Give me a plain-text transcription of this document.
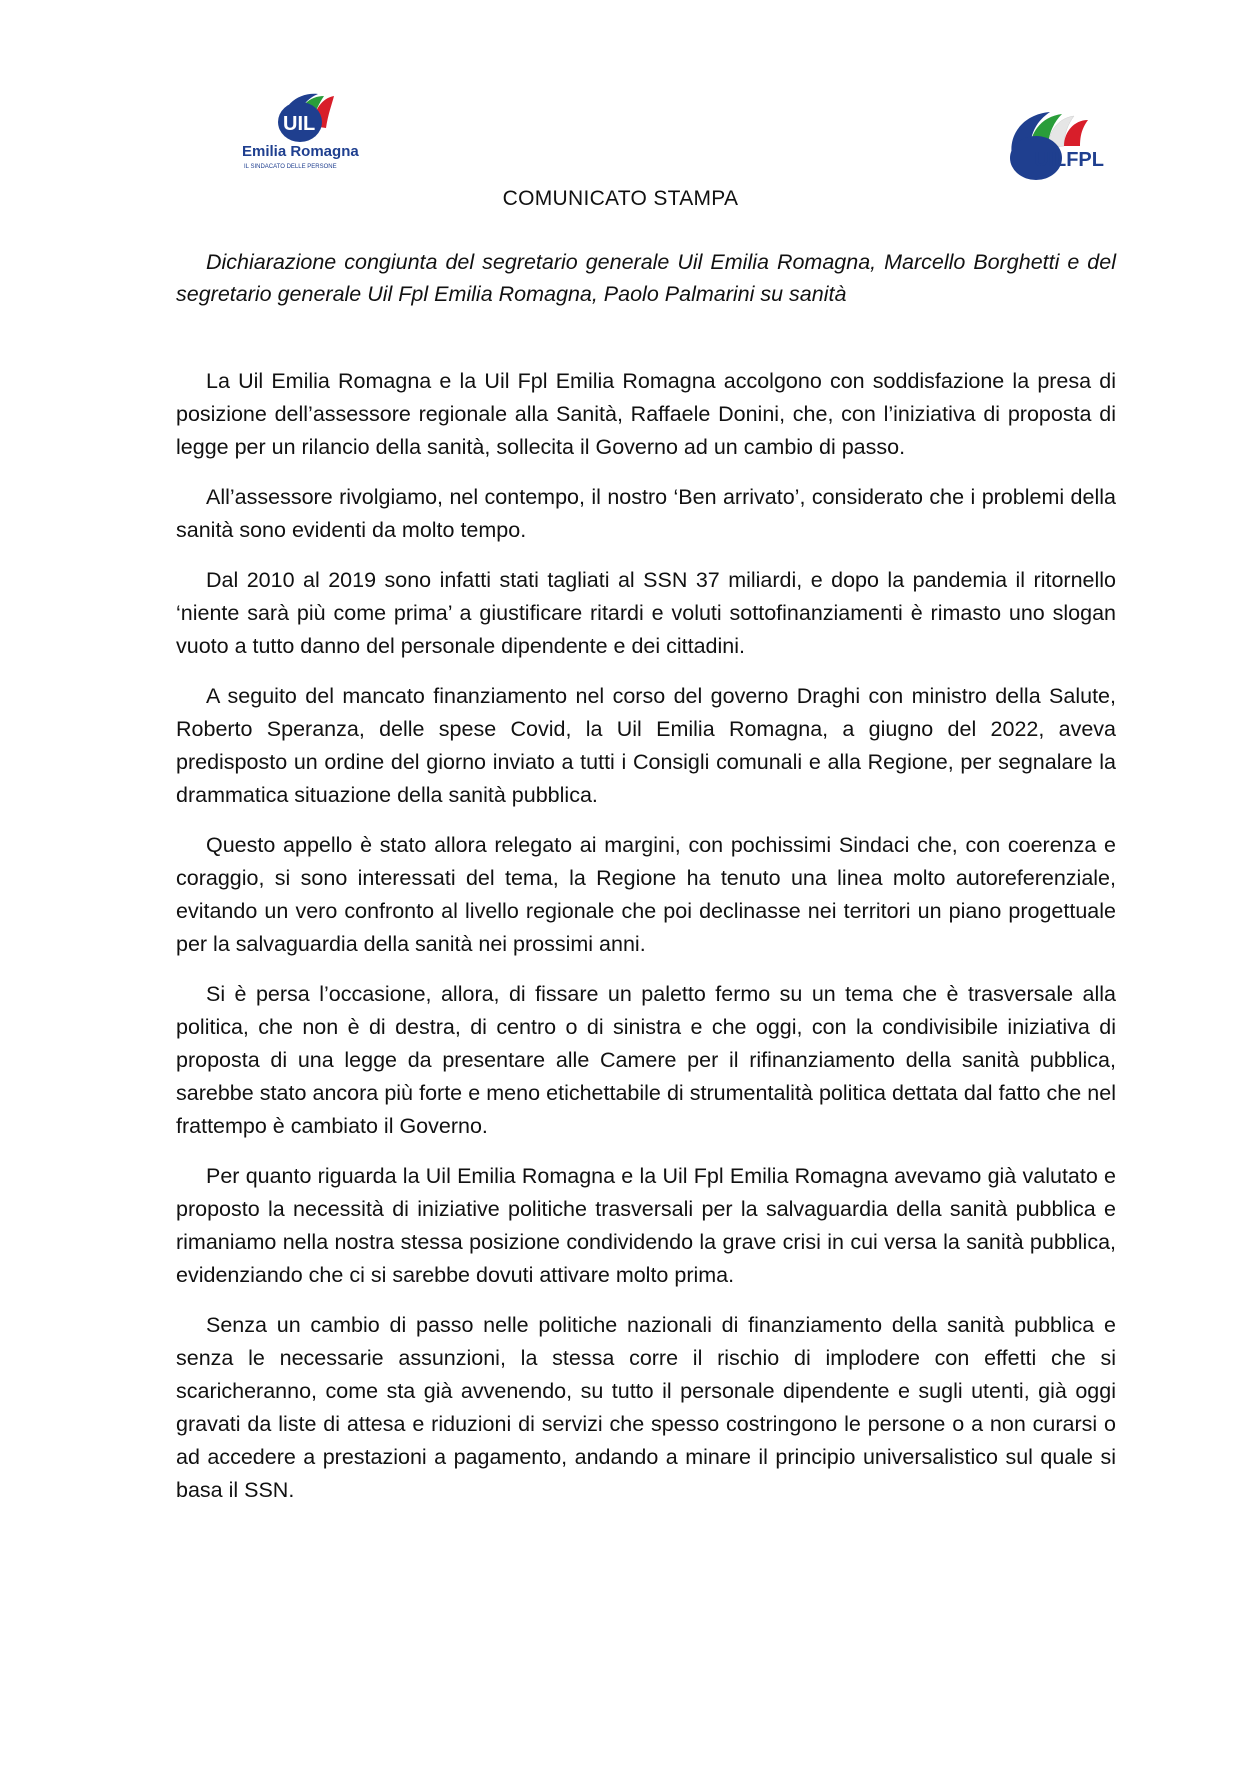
UIL
Emilia Romagna
IL SINDACATO DELLE PERSONE	UILFPL
COMUNICATO STAMPA
Dichiarazione congiunta del segretario generale Uil Emilia Romagna, Marcello Borghetti e del segretario generale Uil Fpl Emilia Romagna, Paolo Palmarini su sanità

La Uil Emilia Romagna e la Uil Fpl Emilia Romagna accolgono con soddisfazione la presa di posizione dell’assessore regionale alla Sanità, Raffaele Donini, che, con l’iniziativa di proposta di legge per un rilancio della sanità, sollecita il Governo ad un cambio di passo.

All’assessore rivolgiamo, nel contempo, il nostro ‘Ben arrivato’, considerato che i problemi della sanità sono evidenti da molto tempo.

Dal 2010 al 2019 sono infatti stati tagliati al SSN 37 miliardi, e dopo la pandemia il ritornello ‘niente sarà più come prima’ a giustificare ritardi e voluti sottofinanziamenti è rimasto uno slogan vuoto a tutto danno del personale dipendente e dei cittadini.

A seguito del mancato finanziamento nel corso del governo Draghi con ministro della Salute, Roberto Speranza, delle spese Covid, la Uil Emilia Romagna, a giugno del 2022, aveva predisposto un ordine del giorno inviato a tutti i Consigli comunali e alla Regione, per segnalare la drammatica situazione della sanità pubblica.

Questo appello è stato allora relegato ai margini, con pochissimi Sindaci che, con coerenza e coraggio, si sono interessati del tema, la Regione ha tenuto una linea molto autoreferenziale, evitando un vero confronto al livello regionale che poi declinasse nei territori un piano progettuale per la salvaguardia della sanità nei prossimi anni.

Si è persa l’occasione, allora, di fissare un paletto fermo su un tema che è trasversale alla politica, che non è di destra, di centro o di sinistra e che oggi, con la condivisibile iniziativa di proposta di una legge da presentare alle Camere per il rifinanziamento della sanità pubblica, sarebbe stato ancora più forte e meno etichettabile di strumentalità politica dettata dal fatto che nel frattempo è cambiato il Governo.

Per quanto riguarda la Uil Emilia Romagna e la Uil Fpl Emilia Romagna avevamo già valutato e proposto la necessità di iniziative politiche trasversali per la salvaguardia della sanità pubblica e rimaniamo nella nostra stessa posizione condividendo la grave crisi in cui versa la sanità pubblica, evidenziando che ci si sarebbe dovuti attivare molto prima.

Senza un cambio di passo nelle politiche nazionali di finanziamento della sanità pubblica e senza le necessarie assunzioni, la stessa corre il rischio di implodere con effetti che si scaricheranno, come sta già avvenendo, su tutto il personale dipendente e sugli utenti, già oggi gravati da liste di attesa e riduzioni di servizi che spesso costringono le persone o a non curarsi o ad accedere a prestazioni a pagamento, andando a minare il principio universalistico sul quale si basa il SSN.
